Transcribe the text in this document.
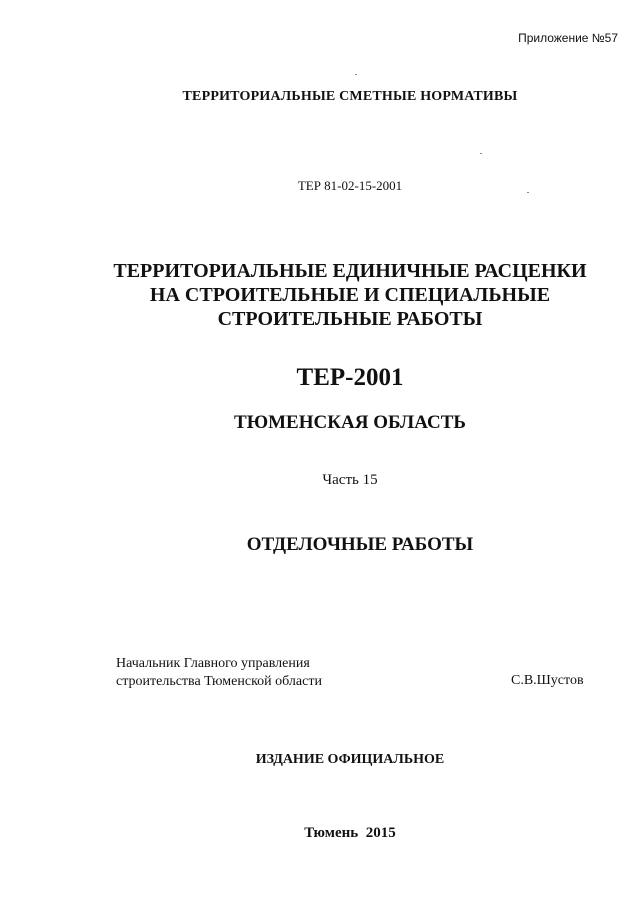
Приложение №57
ТЕРРИТОРИАЛЬНЫЕ СМЕТНЫЕ НОРМАТИВЫ
ТЕР 81-02-15-2001
ТЕРРИТОРИАЛЬНЫЕ ЕДИНИЧНЫЕ РАСЦЕНКИ
НА СТРОИТЕЛЬНЫЕ И СПЕЦИАЛЬНЫЕ
СТРОИТЕЛЬНЫЕ РАБОТЫ
ТЕР-2001
ТЮМЕНСКАЯ ОБЛАСТЬ
Часть 15
ОТДЕЛОЧНЫЕ РАБОТЫ
Начальник Главного управления
строительства Тюменской области	С.В.Шустов
ИЗДАНИЕ ОФИЦИАЛЬНОЕ
Тюмень  2015
